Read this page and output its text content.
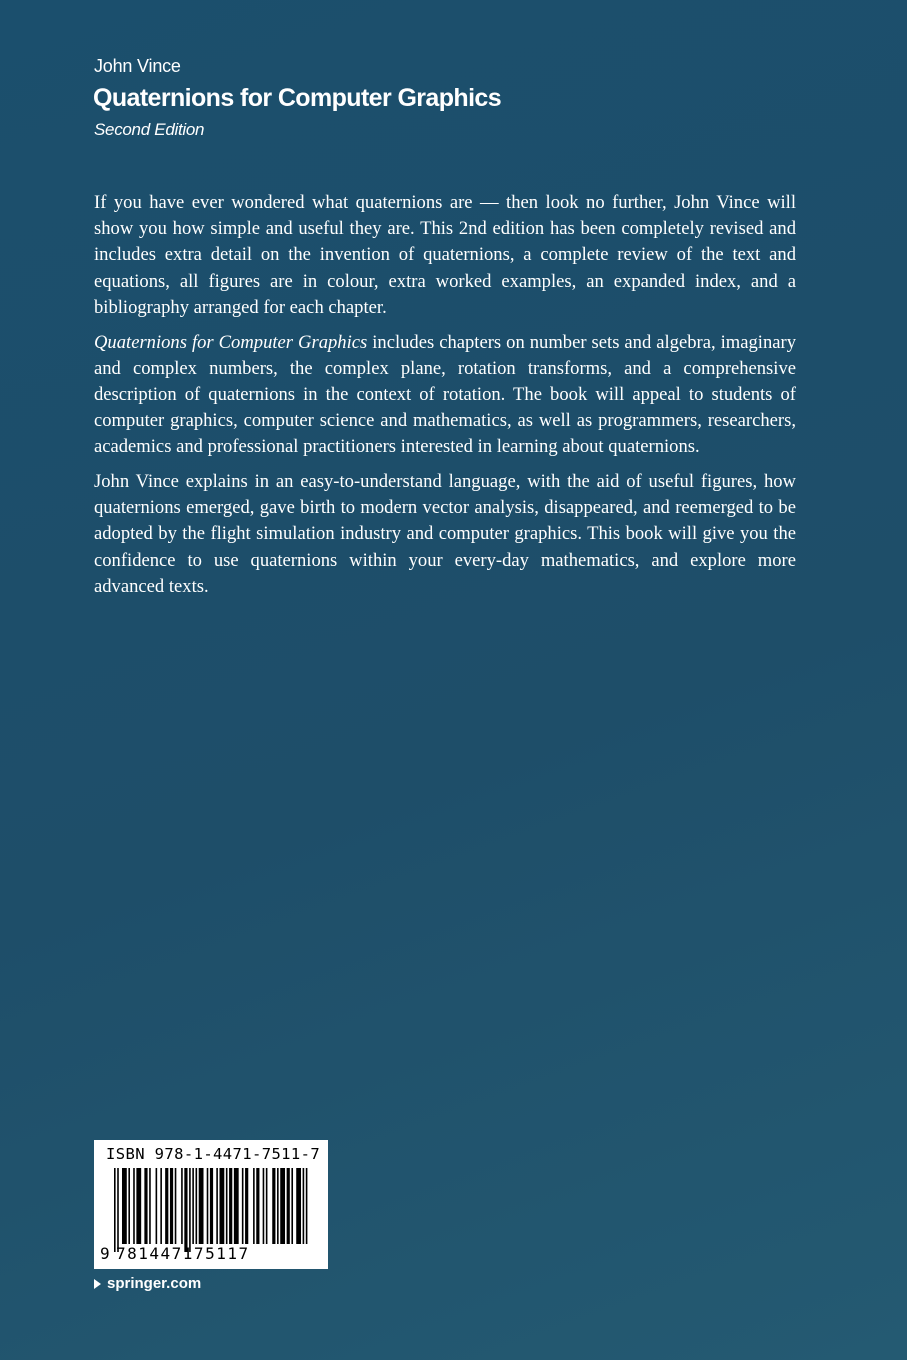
John Vince
Quaternions for Computer Graphics
Second Edition

If you have ever wondered what quaternions are — then look no further, John Vince will show you how simple and useful they are. This 2nd edition has been completely revised and includes extra detail on the invention of quaternions, a complete review of the text and equations, all figures are in colour, extra worked examples, an expanded index, and a bibliography arranged for each chapter.

Quaternions for Computer Graphics includes chapters on number sets and algebra, imaginary and complex numbers, the complex plane, rotation transforms, and a comprehensive description of quaternions in the context of rotation. The book will appeal to students of computer graphics, computer science and mathematics, as well as programmers, researchers, academics and professional practitioners interested in learning about quaternions.

John Vince explains in an easy-to-understand language, with the aid of useful figures, how quaternions emerged, gave birth to modern vector analysis, disappeared, and reemerged to be adopted by the flight simulation industry and computer graphics. This book will give you the confidence to use quaternions within your every-day mathematics, and explore more advanced texts.

ISBN 978-1-4471-7511-7
9 781447175117
springer.com
